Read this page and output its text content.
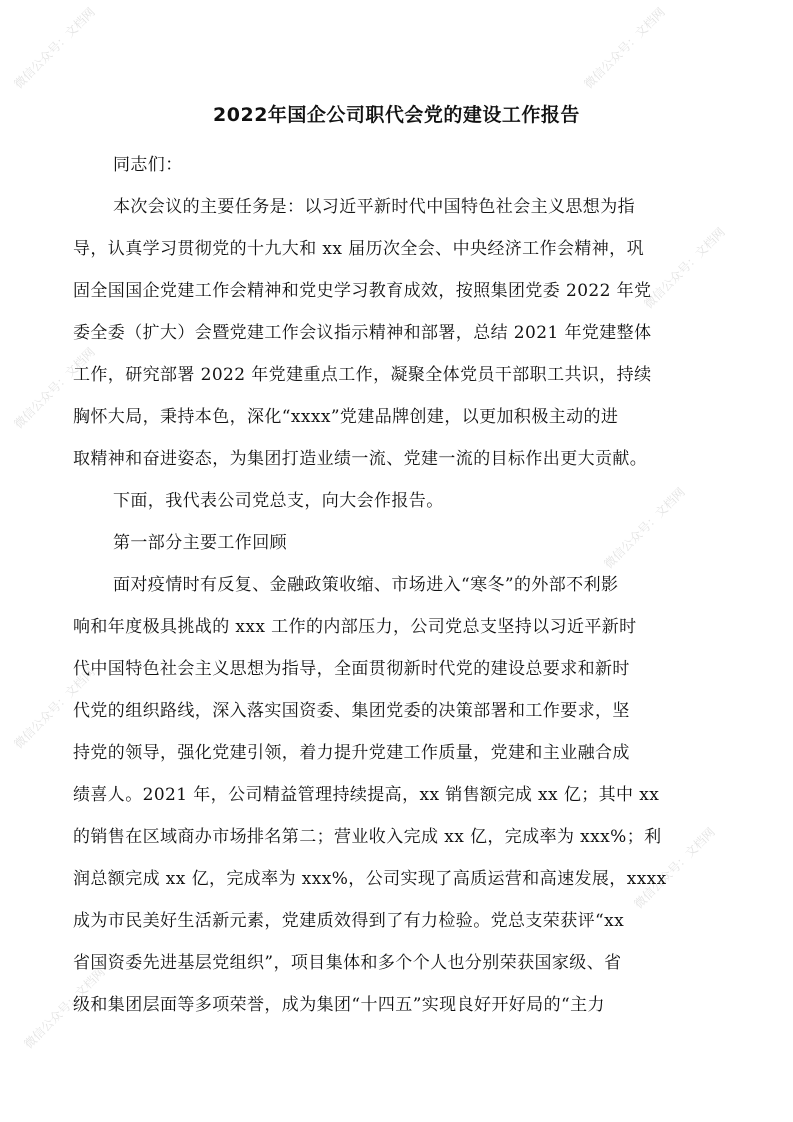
微信公众号：文档网	微信公众号：文档网
微信公众号：文档网
微信公众号：文档网
微信公众号：文档网
微信公众号：文档网
微信公众号：文档网
微信公众号：文档网
2022年国企公司职代会党的建设工作报告
同志们：
本次会议的主要任务是：以习近平新时代中国特色社会主义思想为指
导，认真学习贯彻党的十九大和 xx 届历次全会、中央经济工作会精神，巩
固全国国企党建工作会精神和党史学习教育成效，按照集团党委 2022 年党
委全委（扩大）会暨党建工作会议指示精神和部署，总结 2021 年党建整体
工作，研究部署 2022 年党建重点工作，凝聚全体党员干部职工共识，持续
胸怀大局，秉持本色，深化“xxxx”党建品牌创建，以更加积极主动的进
取精神和奋进姿态，为集团打造业绩一流、党建一流的目标作出更大贡献。
下面，我代表公司党总支，向大会作报告。
第一部分主要工作回顾
面对疫情时有反复、金融政策收缩、市场进入“寒冬”的外部不利影
响和年度极具挑战的 xxx 工作的内部压力，公司党总支坚持以习近平新时
代中国特色社会主义思想为指导，全面贯彻新时代党的建设总要求和新时
代党的组织路线，深入落实国资委、集团党委的决策部署和工作要求，坚
持党的领导，强化党建引领，着力提升党建工作质量，党建和主业融合成
绩喜人。2021 年，公司精益管理持续提高，xx 销售额完成 xx 亿；其中 xx
的销售在区域商办市场排名第二；营业收入完成 xx 亿，完成率为 xxx%；利
润总额完成 xx 亿，完成率为 xxx%，公司实现了高质运营和高速发展，xxxx
成为市民美好生活新元素，党建质效得到了有力检验。党总支荣获评“xx
省国资委先进基层党组织”，项目集体和多个个人也分别荣获国家级、省
级和集团层面等多项荣誉，成为集团“十四五”实现良好开好局的“主力
